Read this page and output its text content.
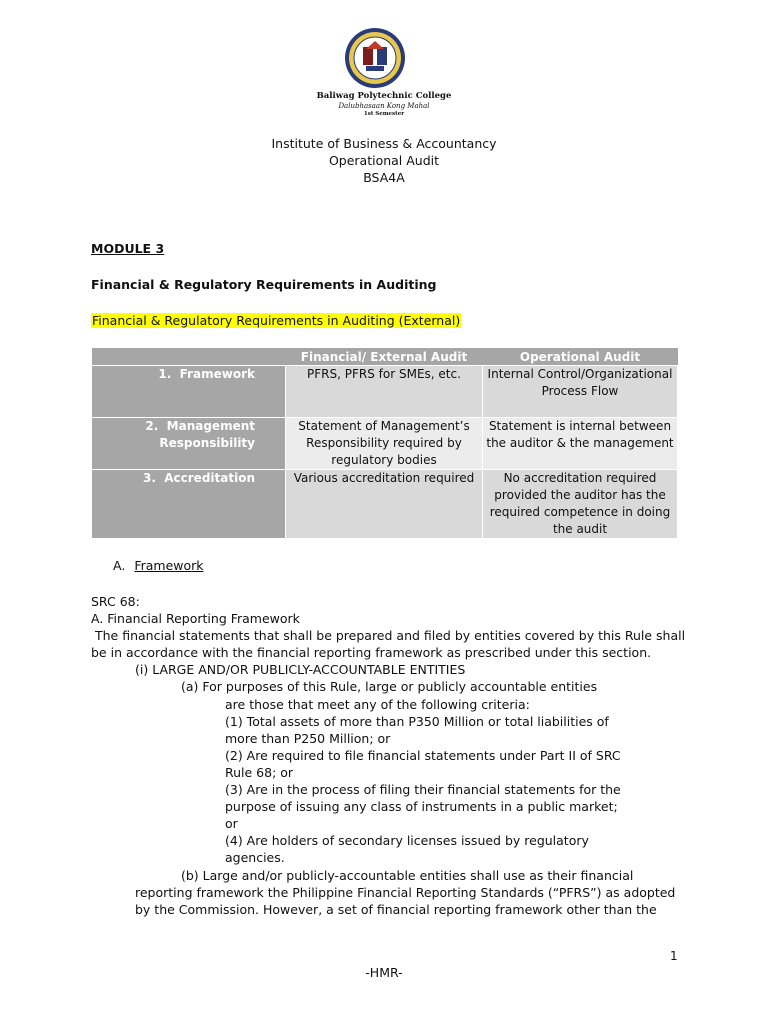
Baliwag Polytechnic College
Dalubhasaan Kong Mahal
1st Semester
Institute of Business & Accountancy
Operational Audit
BSA4A
MODULE 3
Financial & Regulatory Requirements in Auditing
Financial & Regulatory Requirements in Auditing (External)
	Financial/ External Audit	Operational Audit
1. Framework	PFRS, PFRS for SMEs, etc.	Internal Control/Organizational Process Flow
2. Management Responsibility	Statement of Management’s Responsibility required by regulatory bodies	Statement is internal between the auditor & the management
3. Accreditation	Various accreditation required	No accreditation required provided the auditor has the required competence in doing the audit
A. Framework
SRC 68:
A. Financial Reporting Framework
The financial statements that shall be prepared and filed by entities covered by this Rule shall
be in accordance with the financial reporting framework as prescribed under this section.
(i) LARGE AND/OR PUBLICLY-ACCOUNTABLE ENTITIES
(a) For purposes of this Rule, large or publicly accountable entities
are those that meet any of the following criteria:
(1) Total assets of more than P350 Million or total liabilities of
more than P250 Million; or
(2) Are required to file financial statements under Part II of SRC
Rule 68; or
(3) Are in the process of filing their financial statements for the
purpose of issuing any class of instruments in a public market;
or
(4) Are holders of secondary licenses issued by regulatory
agencies.
(b) Large and/or publicly-accountable entities shall use as their financial
reporting framework the Philippine Financial Reporting Standards (“PFRS”) as adopted
by the Commission. However, a set of financial reporting framework other than the
1
-HMR-
